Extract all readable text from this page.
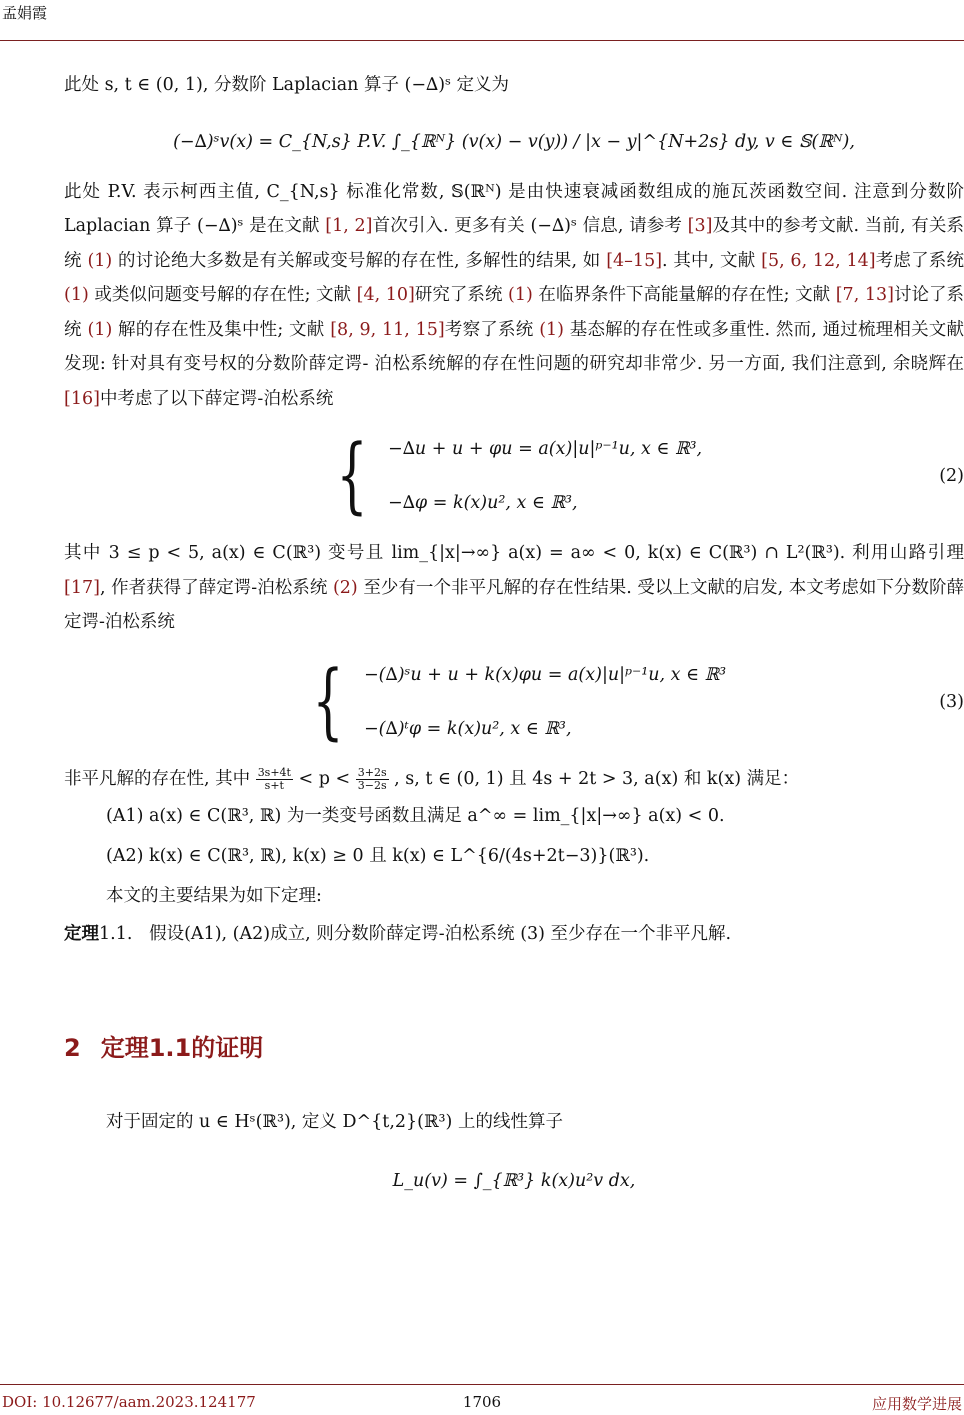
孟娟霞

此处 s, t ∈ (0, 1), 分数阶 Laplacian 算子 (−∆)ˢ 定义为

(−∆)ˢv(x) = C_{N,s} P.V. ∫_{ℝᴺ} (v(x) − v(y)) / |x − y|^{N+2s} dy, v ∈ 𝕊(ℝᴺ),

此处 P.V. 表示柯西主值, C_{N,s} 标准化常数, 𝕊(ℝᴺ) 是由快速衰减函数组成的施瓦茨函数空间. 注意到分数阶 Laplacian 算子 (−∆)ˢ 是在文献 [1, 2]首次引入. 更多有关 (−∆)ˢ 信息, 请参考 [3]及其中的参考文献. 当前, 有关系统 (1) 的讨论绝大多数是有关解或变号解的存在性, 多解性的结果, 如 [4–15]. 其中, 文献 [5, 6, 12, 14]考虑了系统 (1) 或类似问题变号解的存在性; 文献 [4, 10]研究了系统 (1) 在临界条件下高能量解的存在性; 文献 [7, 13]讨论了系统 (1) 解的存在性及集中性; 文献 [8, 9, 11, 15]考察了系统 (1) 基态解的存在性或多重性. 然而, 通过梳理相关文献发现: 针对具有变号权的分数阶薛定谔- 泊松系统解的存在性问题的研究却非常少. 另一方面, 我们注意到, 余晓辉在 [16]中考虑了以下薛定谔-泊松系统

{ −∆u + u + φu = a(x)|u|ᵖ⁻¹u, x ∈ ℝ³,
−∆φ = k(x)u², x ∈ ℝ³,
(2)

其中 3 ≤ p < 5, a(x) ∈ C(ℝ³) 变号且 lim_{|x|→∞} a(x) = a∞ < 0, k(x) ∈ C(ℝ³) ∩ L²(ℝ³). 利用山路引理 [17], 作者获得了薛定谔-泊松系统 (2) 至少有一个非平凡解的存在性结果. 受以上文献的启发, 本文考虑如下分数阶薛定谔-泊松系统

{ −(∆)ˢu + u + k(x)φu = a(x)|u|ᵖ⁻¹u, x ∈ ℝ³
−(∆)ᵗφ = k(x)u², x ∈ ℝ³,
(3)

非平凡解的存在性, 其中 $\frac{3s+4t}{s+t} < p < \frac{3+2s}{3-2s}$ , s, t ∈ (0, 1) 且 4s + 2t > 3, a(x) 和 k(x) 满足：

(A1) a(x) ∈ C(ℝ³, ℝ) 为一类变号函数且满足 a^∞ = lim_{|x|→∞} a(x) < 0.

(A2) k(x) ∈ C(ℝ³, ℝ), k(x) ≥ 0 且 k(x) ∈ L^{6/(4s+2t−3)}(ℝ³).

本文的主要结果为如下定理:

定理1.1. 假设(A1), (A2)成立, 则分数阶薛定谔-泊松系统 (3) 至少存在一个非平凡解.

2 定理1.1的证明

对于固定的 u ∈ Hˢ(ℝ³), 定义 D^{t,2}(ℝ³) 上的线性算子

L_u(v) = ∫_{ℝ³} k(x)u²v dx,
DOI: 10.12677/aam.2023.124177	1706	应用数学进展
